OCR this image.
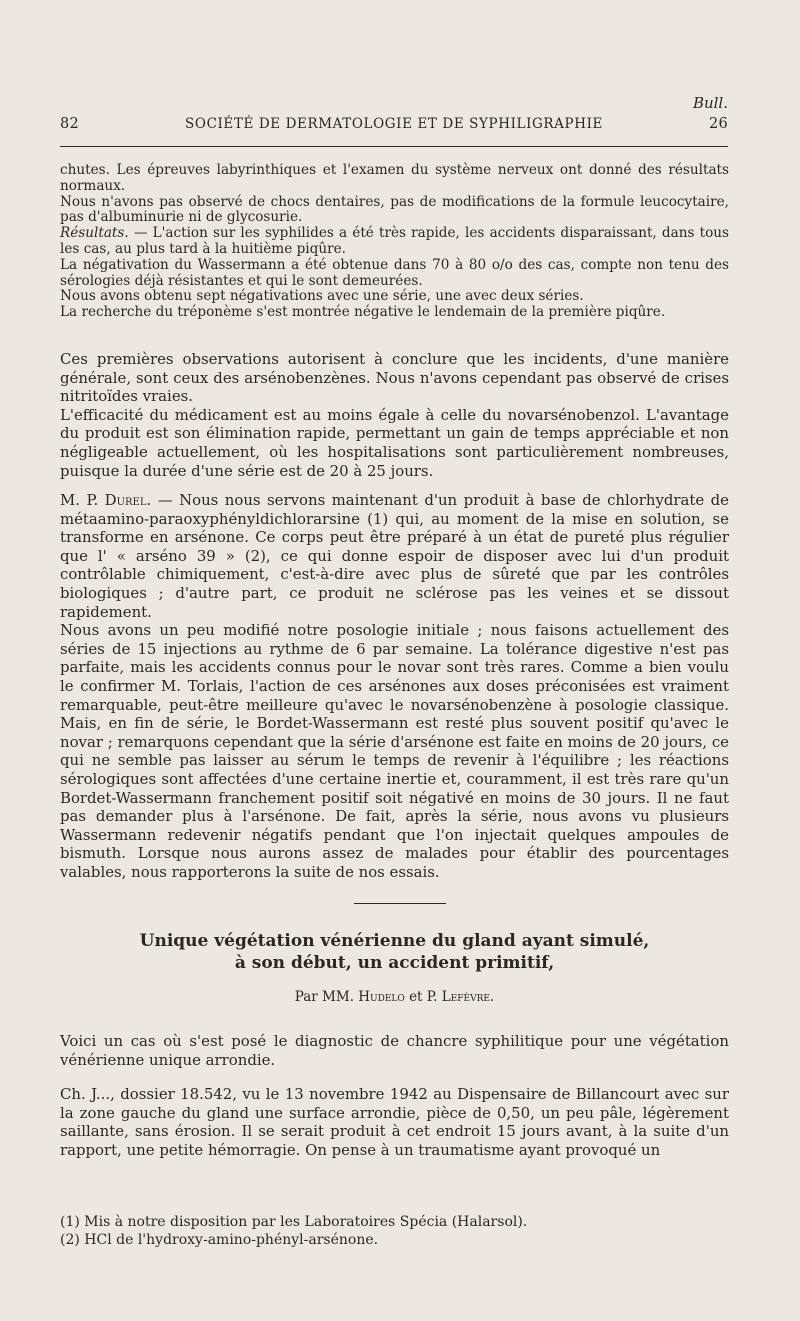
Bull.
82	SOCIÉTÉ DE DERMATOLOGIE ET DE SYPHILIGRAPHIE	26

chutes. Les épreuves labyrinthiques et l'examen du système nerveux ont donné des résultats normaux.

Nous n'avons pas observé de chocs dentaires, pas de modifications de la formule leucocytaire, pas d'albuminurie ni de glycosurie.

Résultats. — L'action sur les syphilides a été très rapide, les accidents disparaissant, dans tous les cas, au plus tard à la huitième piqûre.

La négativation du Wassermann a été obtenue dans 70 à 80 o/o des cas, compte non tenu des sérologies déjà résistantes et qui le sont demeurées.

Nous avons obtenu sept négativations avec une série, une avec deux séries.

La recherche du tréponème s'est montrée négative le lendemain de la première piqûre.

Ces premières observations autorisent à conclure que les incidents, d'une manière générale, sont ceux des arsénobenzènes. Nous n'avons cependant pas observé de crises nitritoïdes vraies.

L'efficacité du médicament est au moins égale à celle du novarsénobenzol. L'avantage du produit est son élimination rapide, permettant un gain de temps appréciable et non négligeable actuellement, où les hospitalisations sont particulièrement nombreuses, puisque la durée d'une série est de 20 à 25 jours.

M. P. Durel. — Nous nous servons maintenant d'un produit à base de chlorhydrate de métaamino-paraoxyphényldichlorarsine (1) qui, au moment de la mise en solution, se transforme en arsénone. Ce corps peut être préparé à un état de pureté plus régulier que l' « arséno 39 » (2), ce qui donne espoir de disposer avec lui d'un produit contrôlable chimiquement, c'est-à-dire avec plus de sûreté que par les contrôles biologiques ; d'autre part, ce produit ne sclérose pas les veines et se dissout rapidement.

Nous avons un peu modifié notre posologie initiale ; nous faisons actuellement des séries de 15 injections au rythme de 6 par semaine. La tolérance digestive n'est pas parfaite, mais les accidents connus pour le novar sont très rares. Comme a bien voulu le confirmer M. Torlais, l'action de ces arsénones aux doses préconisées est vraiment remarquable, peut-être meilleure qu'avec le novarsénobenzène à posologie classique. Mais, en fin de série, le Bordet-Wassermann est resté plus souvent positif qu'avec le novar ; remarquons cependant que la série d'arsénone est faite en moins de 20 jours, ce qui ne semble pas laisser au sérum le temps de revenir à l'équilibre ; les réactions sérologiques sont affectées d'une certaine inertie et, couramment, il est très rare qu'un Bordet-Wassermann franchement positif soit négativé en moins de 30 jours. Il ne faut pas demander plus à l'arsénone. De fait, après la série, nous avons vu plusieurs Wassermann redevenir négatifs pendant que l'on injectait quelques ampoules de bismuth. Lorsque nous aurons assez de malades pour établir des pourcentages valables, nous rapporterons la suite de nos essais.

Unique végétation vénérienne du gland ayant simulé,
à son début, un accident primitif,
Par MM. Hudelo et P. Lefèvre.

Voici un cas où s'est posé le diagnostic de chancre syphilitique pour une végétation vénérienne unique arrondie.

Ch. J..., dossier 18.542, vu le 13 novembre 1942 au Dispensaire de Billancourt avec sur la zone gauche du gland une surface arrondie, pièce de 0,50, un peu pâle, légèrement saillante, sans érosion. Il se serait produit à cet endroit 15 jours avant, à la suite d'un rapport, une petite hémorragie. On pense à un traumatisme ayant provoqué un

(1) Mis à notre disposition par les Laboratoires Spécia (Halarsol).
(2) HCl de l'hydroxy-amino-phényl-arsénone.
